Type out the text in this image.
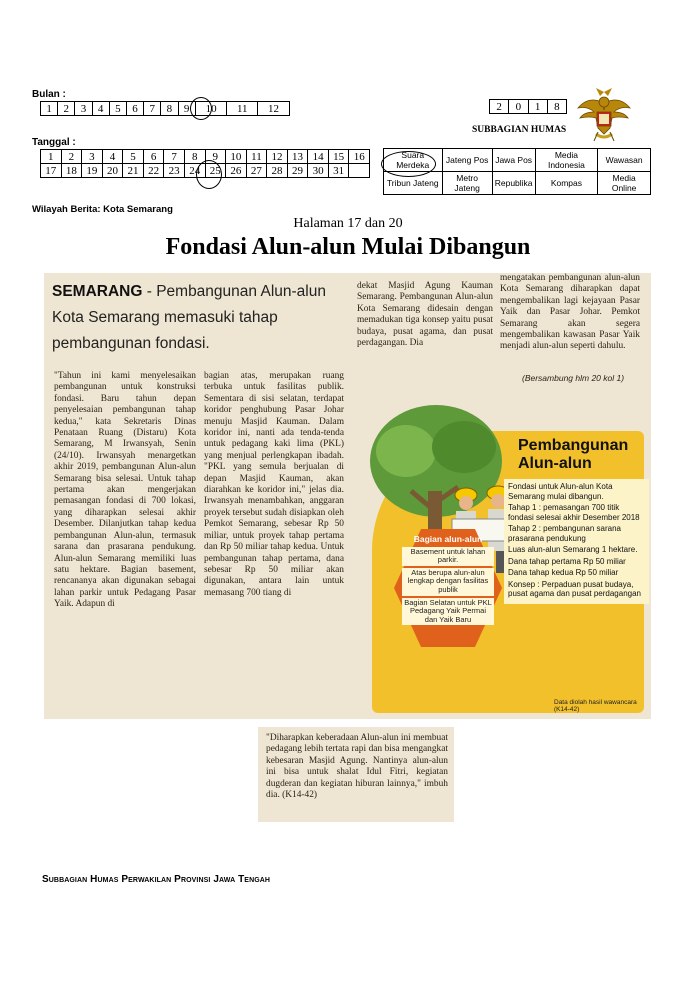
Bulan :
1	2	3	4	5	6	7	8	9	10	11	12	2	0	1	8
SUBBAGIAN HUMAS
Tanggal :
1	2	3	4	5	6	7	8	9	10	11	12	13	14	15	16
17	18	19	20	21	22	23	24	25	26	27	28	29	30	31	
Suara Merdeka	Jateng Pos	Jawa Pos	Media Indonesia	Wawasan
Tribun Jateng	Metro Jateng	Republika	Kompas	Media Online
Wilayah Berita: Kota Semarang
Halaman 17 dan 20
Fondasi Alun-alun Mulai Dibangun
SEMARANG - Pembangunan Alun-alun Kota Semarang memasuki tahap pembangunan fondasi.
"Tahun ini kami menyelesaikan pembangunan untuk konstruksi fondasi. Baru tahun depan penyelesaian pembangunan tahap kedua," kata Sekretaris Dinas Penataan Ruang (Distaru) Kota Semarang, M Irwansyah, Senin (24/10). Irwansyah menargetkan akhir 2019, pembangunan Alun-alun Semarang bisa selesai. Untuk tahap pertama akan mengerjakan pemasangan fondasi di 700 lokasi, yang diharapkan selesai akhir Desember. Dilanjutkan tahap kedua pembangunan Alun-alun, termasuk sarana dan prasarana pendukung. Alun-alun Semarang memiliki luas satu hektare. Bagian basement, rencananya akan digunakan sebagai lahan parkir untuk Pedagang Pasar Yaik. Adapun di
bagian atas, merupakan ruang terbuka untuk fasilitas publik. Sementara di sisi selatan, terdapat koridor penghubung Pasar Johar menuju Masjid Kauman. Dalam koridor ini, nanti ada tenda-tenda untuk pedagang kaki lima (PKL) yang menjual perlengkapan ibadah. "PKL yang semula berjualan di depan Masjid Kauman, akan diarahkan ke koridor ini," jelas dia. Irwansyah menambahkan, anggaran proyek tersebut sudah disiapkan oleh Pemkot Semarang, sebesar Rp 50 miliar, untuk proyek tahap pertama dan Rp 50 miliar tahap kedua. Untuk pembangunan tahap pertama, dana sebesar Rp 50 miliar akan digunakan, antara lain untuk memasang 700 tiang di
dekat Masjid Agung Kauman Semarang. Pembangunan Alun-alun Kota Semarang didesain dengan memadukan tiga konsep yaitu pusat budaya, pusat agama, dan pusat perdagangan. Dia
mengatakan pembangunan alun-alun Kota Semarang diharapkan dapat mengembalikan lagi kejayaan Pasar Yaik dan Pasar Johar. Pemkot Semarang akan segera mengembalikan kawasan Pasar Yaik menjadi alun-alun seperti dahulu.
(Bersambung hlm 20 kol 1)
Pembangunan Alun-alun
Fondasi untuk Alun-alun Kota Semarang mulai dibangun.
Tahap 1 : pemasangan 700 titik fondasi selesai akhir Desember 2018
Tahap 2 : pembangunan sarana prasarana pendukung
Luas alun-alun Semarang 1 hektare.
Dana tahap pertama Rp 50 miliar
Dana tahap kedua Rp 50 miliar
Konsep : Perpaduan pusat budaya, pusat agama dan pusat perdagangan
Bagian alun-alun
Basement untuk lahan parkir.
Atas berupa alun-alun lengkap dengan fasilitas publik
Bagian Selatan untuk PKL Pedagang Yaik Permai dan Yaik Baru
Data diolah hasil wawancara (K14-42)
"Diharapkan keberadaan Alun-alun ini membuat pedagang lebih tertata rapi dan bisa mengangkat kebesaran Masjid Agung. Nantinya alun-alun ini bisa untuk shalat Idul Fitri, kegiatan dugderan dan kegiatan hiburan lainnya," imbuh dia. (K14-42)
Subbagian Humas Perwakilan Provinsi Jawa Tengah
